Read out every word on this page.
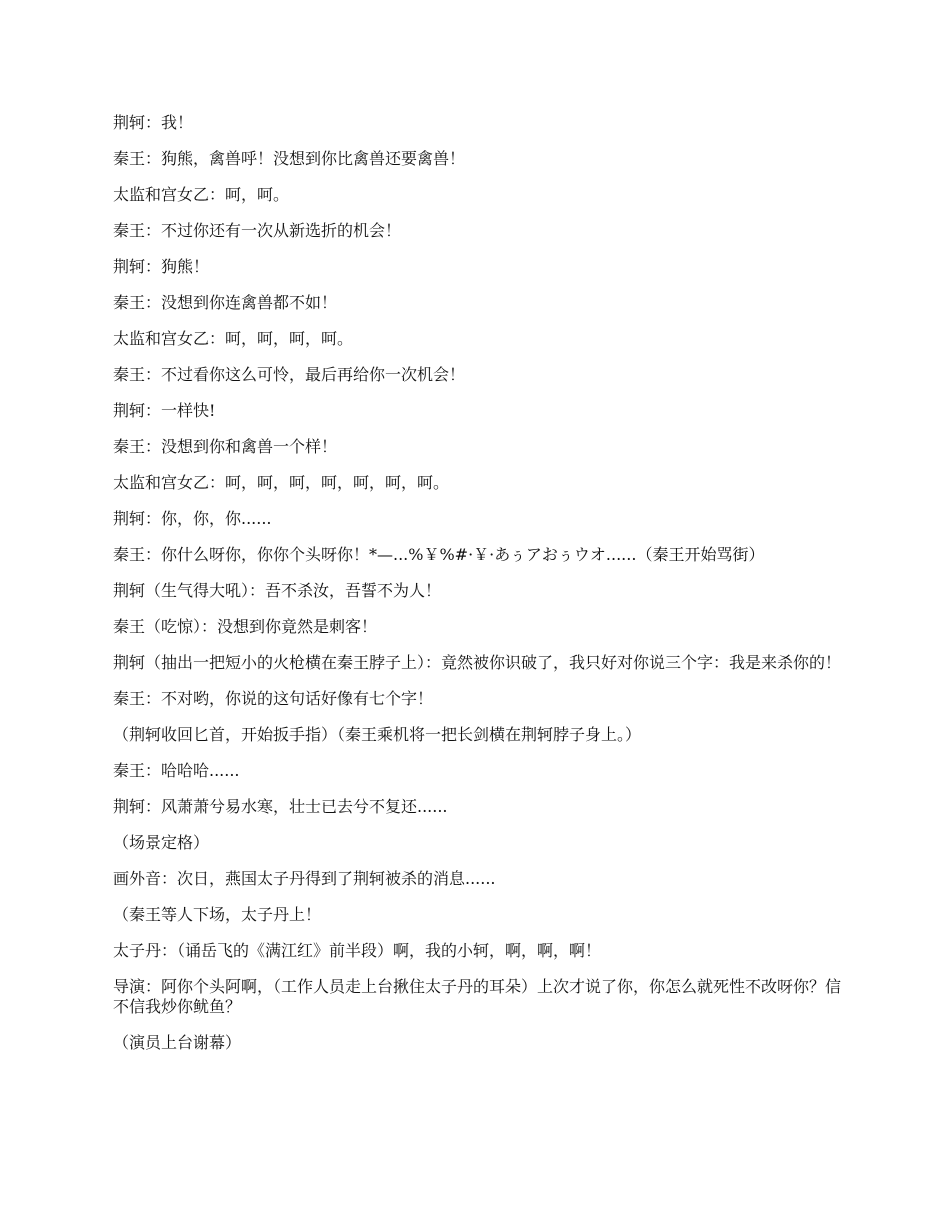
荆轲：我！

秦王：狗熊，禽兽呼！没想到你比禽兽还要禽兽！

太监和宫女乙：呵，呵。

秦王：不过你还有一次从新选折的机会！

荆轲：狗熊！

秦王：没想到你连禽兽都不如！

太监和宫女乙：呵，呵，呵，呵。

秦王：不过看你这么可怜，最后再给你一次机会！

荆轲：一样快!

秦王：没想到你和禽兽一个样！

太监和宫女乙：呵，呵，呵，呵，呵，呵，呵。

荆轲：你，你，你......

秦王：你什么呀你，你你个头呀你！*—...%￥%#·￥·あぅアおぅウオ......（秦王开始骂街）

荆轲（生气得大吼）：吾不杀汝，吾誓不为人！

秦王（吃惊）：没想到你竟然是刺客！

荆轲（抽出一把短小的火枪横在秦王脖子上）：竟然被你识破了，我只好对你说三个字：我是来杀你的！

秦王：不对哟，你说的这句话好像有七个字！

（荆轲收回匕首，开始扳手指）（秦王乘机将一把长剑横在荆轲脖子身上。）

秦王：哈哈哈......

荆轲：风萧萧兮易水寒，壮士已去兮不复还......

（场景定格）

画外音：次日，燕国太子丹得到了荆轲被杀的消息......

（秦王等人下场，太子丹上！

太子丹：（诵岳飞的《满江红》前半段）啊，我的小轲，啊，啊，啊！

导演：阿你个头阿啊，（工作人员走上台揪住太子丹的耳朵）上次才说了你，你怎么就死性不改呀你？信不信我炒你鱿鱼？

（演员上台谢幕）
